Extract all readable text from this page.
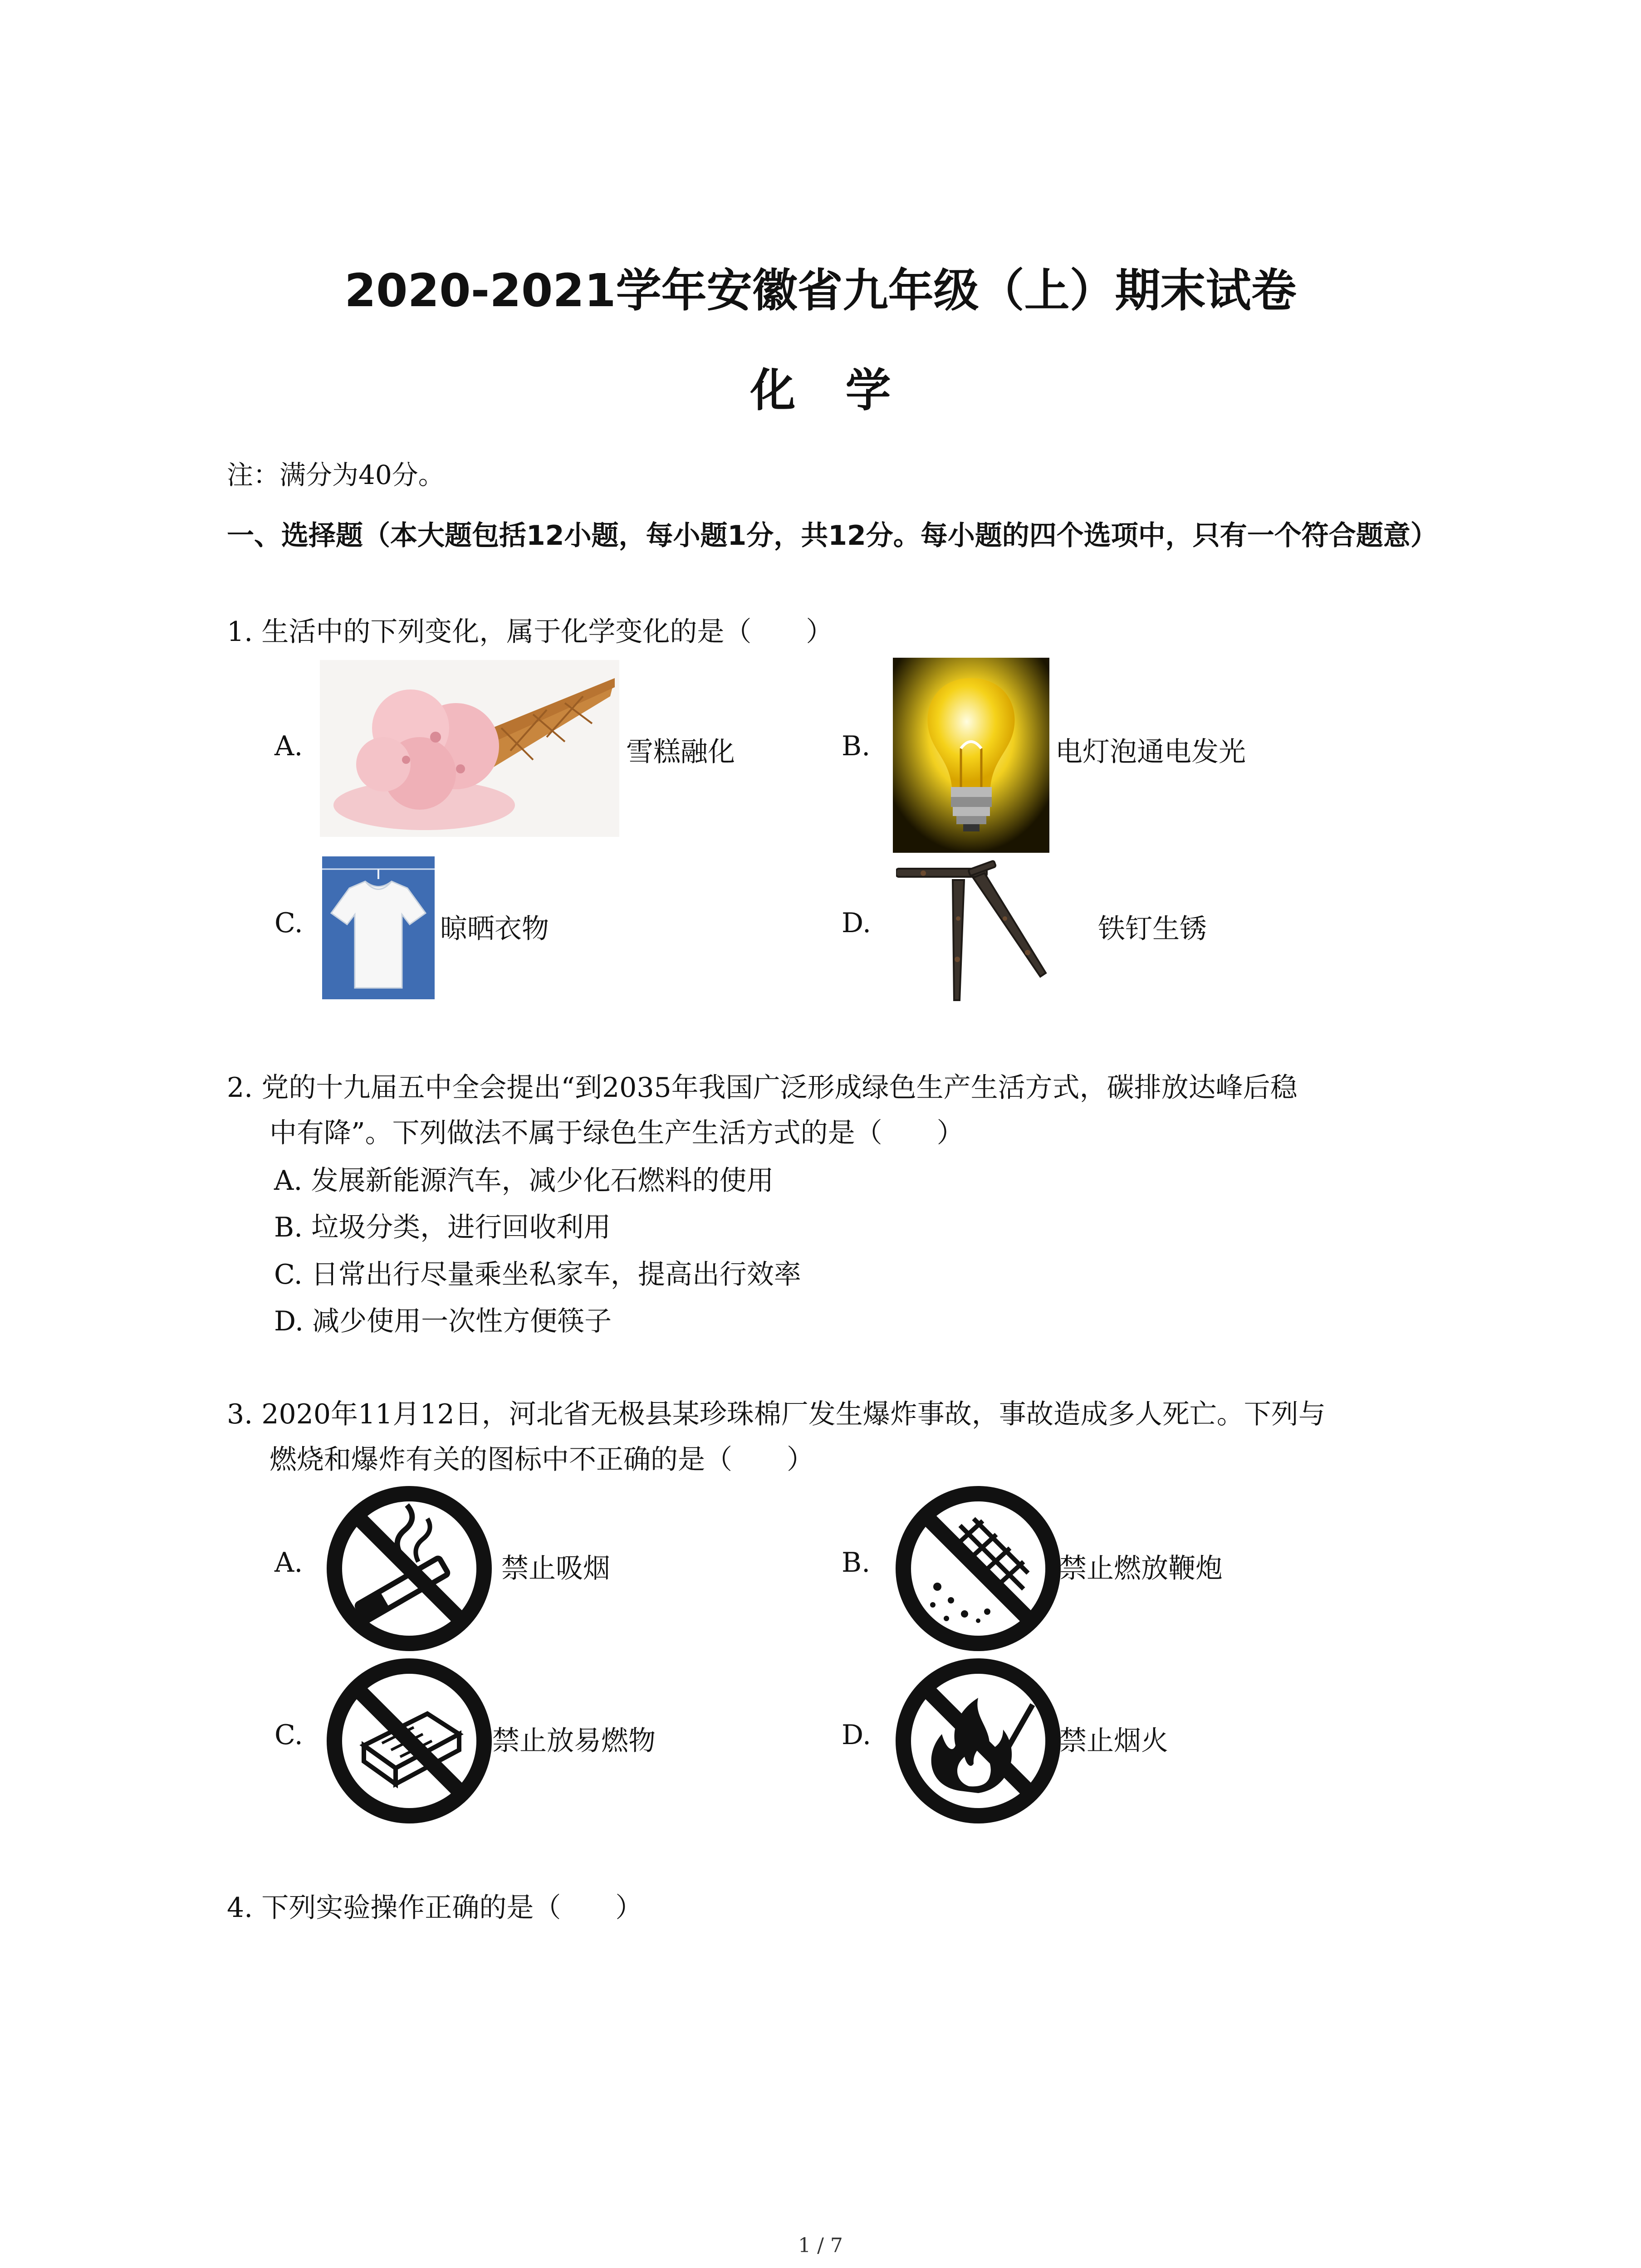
2020-2021学年安徽省九年级（上）期末试卷
化学
注：满分为40分。
一、选择题（本大题包括12小题，每小题1分，共12分。每小题的四个选项中，只有一个符合题意）
1. 生活中的下列变化，属于化学变化的是（　　）
A.	雪糕融化	B.	电灯泡通电发光
C.	晾晒衣物	D.	铁钉生锈
2. 党的十九届五中全会提出“到2035年我国广泛形成绿色生产生活方式，碳排放达峰后稳
中有降”。下列做法不属于绿色生产生活方式的是（　　）
A. 发展新能源汽车，减少化石燃料的使用
B. 垃圾分类，进行回收利用
C. 日常出行尽量乘坐私家车，提高出行效率
D. 减少使用一次性方便筷子
3. 2020年11月12日，河北省无极县某珍珠棉厂发生爆炸事故，事故造成多人死亡。下列与
燃烧和爆炸有关的图标中不正确的是（　　）
A.	禁止吸烟	B.	禁止燃放鞭炮
C.	禁止放易燃物	D.	禁止烟火
4. 下列实验操作正确的是（　　）
1 / 7
